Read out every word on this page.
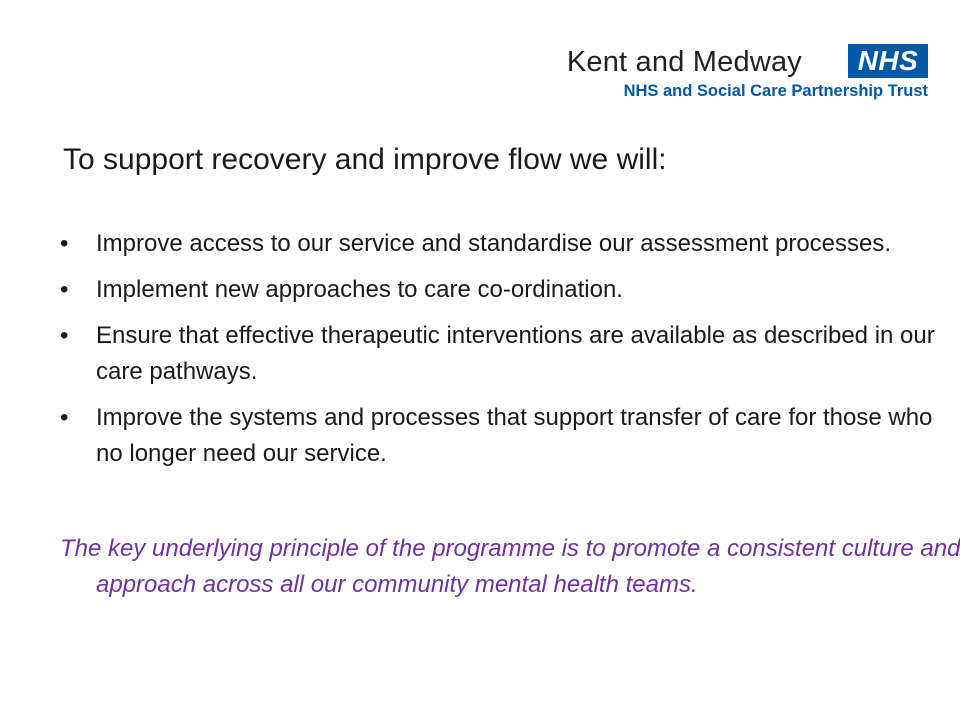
Kent and Medway	NHS
NHS and Social Care Partnership Trust
To support recovery and improve flow we will:
• Improve access to our service and standardise our assessment processes.
• Implement new approaches to care co-ordination.
• Ensure that effective therapeutic interventions are available as described in our care pathways.
• Improve the systems and processes that support transfer of care for those who no longer need our service.

The key underlying principle of the programme is to promote a consistent culture and approach across all our community mental health teams.
